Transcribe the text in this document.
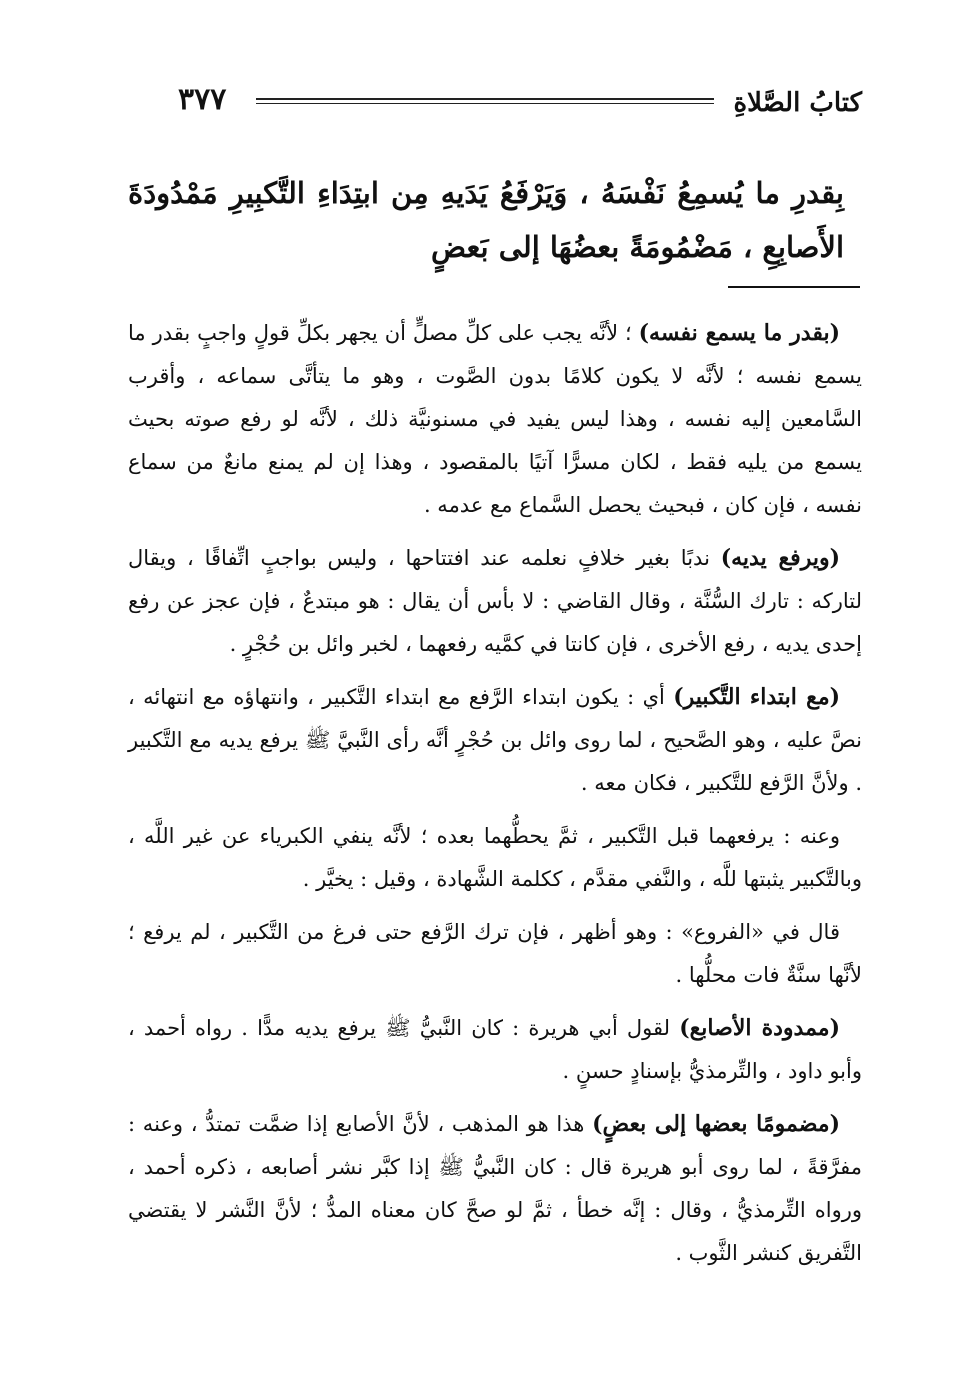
كتابُ الصَّلاةِ
٣٧٧
بِقدرِ ما يُسمِعُ نَفْسَهُ ، وَيَرْفَعُ يَدَيهِ مِن ابتِدَاءِ التَّكبِيرِ مَمْدُودَةَ الأَصابِعِ ، مَضْمُومَةً بعضُهَا إلى بَعضٍ

(بقدر ما يسمع نفسه) ؛ لأنَّه يجب على كلِّ مصلٍّ أن يجهر بكلِّ قولٍ واجبٍ بقدر ما يسمع نفسه ؛ لأنَّه لا يكون كلامًا بدون الصَّوت ، وهو ما يتأتَّى سماعه ، وأقرب السَّامعين إليه نفسه ، وهذا ليس يفيد في مسنونيَّة ذلك ، لأنَّه لو رفع صوته بحيث يسمع من يليه فقط ، لكان مسرًّا آتيًا بالمقصود ، وهذا إن لم يمنع مانعٌ من سماع نفسه ، فإن كان ، فبحيث يحصل السَّماع مع عدمه .

(ويرفع يديه) ندبًا بغير خلافٍ نعلمه عند افتتاحها ، وليس بواجبٍ اتِّفاقًا ، ويقال لتاركه : تارك السُّنَّة ، وقال القاضي : لا بأس أن يقال : هو مبتدعٌ ، فإن عجز عن رفع إحدى يديه ، رفع الأخرى ، فإن كانتا في كمَّيه رفعهما ، لخبر وائل بن حُجْرٍ .

(مع ابتداء التَّكبير) أي : يكون ابتداء الرَّفع مع ابتداء التَّكبير ، وانتهاؤه مع انتهائه ، نصَّ عليه ، وهو الصَّحيح ، لما روى وائل بن حُجْرٍ أنَّه رأى النَّبيَّ ﷺ يرفع يديه مع التَّكبير . ولأنَّ الرَّفع للتَّكبير ، فكان معه .

وعنه : يرفعهما قبل التَّكبير ، ثمَّ يحطُّهما بعده ؛ لأنَّه ينفي الكبرياء عن غير اللَّه ، وبالتَّكبير يثبتها للَّه ، والنَّفي مقدَّم ، ككلمة الشَّهادة ، وقيل : يخيَّر .

قال في «الفروع» : وهو أظهر ، فإن ترك الرَّفع حتى فرغ من التَّكبير ، لم يرفع ؛ لأنَّها سنَّةٌ فات محلُّها .

(ممدودة الأصابع) لقول أبي هريرة : كان النَّبيُّ ﷺ يرفع يديه مدًّا . رواه أحمد ، وأبو داود ، والتِّرمذيُّ بإسنادٍ حسنٍ .

(مضمومًا بعضها إلى بعضٍ) هذا هو المذهب ، لأنَّ الأصابع إذا ضمَّت تمتدُّ ، وعنه : مفرَّقةً ، لما روى أبو هريرة قال : كان النَّبيُّ ﷺ إذا كبَّر نشر أصابعه ، ذكره أحمد ، ورواه التِّرمذيُّ ، وقال : إنَّه خطأ ، ثمَّ لو صحَّ كان معناه المدُّ ؛ لأنَّ النَّشر لا يقتضي التَّفريق كنشر الثَّوب .
